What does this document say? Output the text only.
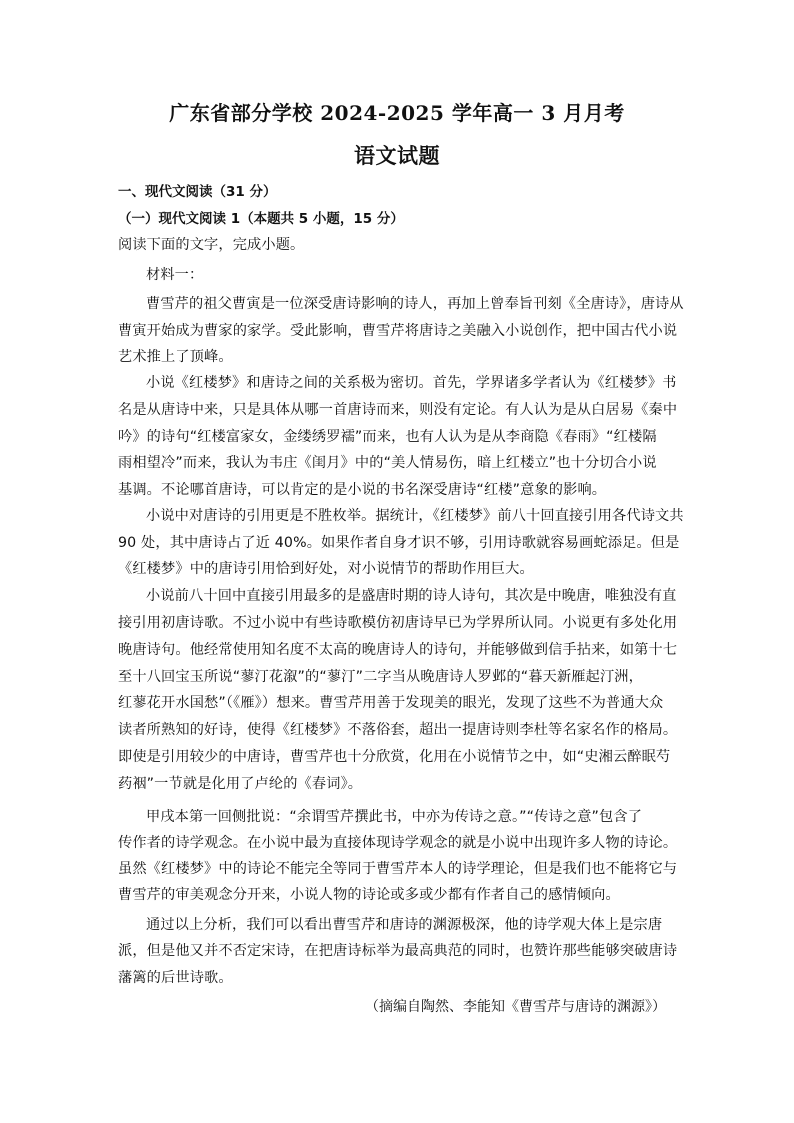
广东省部分学校 2024-2025 学年高一 3 月月考
语文试题
一、现代文阅读（31 分）
（一）现代文阅读 1（本题共 5 小题，15 分）
阅读下面的文字，完成小题。
材料一：
曹雪芹的祖父曹寅是一位深受唐诗影响的诗人，再加上曾奉旨刊刻《全唐诗》，唐诗从
曹寅开始成为曹家的家学。受此影响，曹雪芹将唐诗之美融入小说创作，把中国古代小说
艺术推上了顶峰。
小说《红楼梦》和唐诗之间的关系极为密切。首先，学界诸多学者认为《红楼梦》书
名是从唐诗中来，只是具体从哪一首唐诗而来，则没有定论。有人认为是从白居易《秦中
吟》的诗句“红楼富家女，金缕绣罗襦”而来，也有人认为是从李商隐《春雨》“红楼隔
雨相望冷”而来，我认为韦庄《闺月》中的“美人情易伤，暗上红楼立”也十分切合小说
基调。不论哪首唐诗，可以肯定的是小说的书名深受唐诗“红楼”意象的影响。
小说中对唐诗的引用更是不胜枚举。据统计，《红楼梦》前八十回直接引用各代诗文共
90 处，其中唐诗占了近 40%。如果作者自身才识不够，引用诗歌就容易画蛇添足。但是
《红楼梦》中的唐诗引用恰到好处，对小说情节的帮助作用巨大。
小说前八十回中直接引用最多的是盛唐时期的诗人诗句，其次是中晚唐，唯独没有直
接引用初唐诗歌。不过小说中有些诗歌模仿初唐诗早已为学界所认同。小说更有多处化用
晚唐诗句。他经常使用知名度不太高的晚唐诗人的诗句，并能够做到信手拈来，如第十七
至十八回宝玉所说“蓼汀花溆”的“蓼汀”二字当从晚唐诗人罗邺的“暮天新雁起汀洲，
红蓼花开水国愁”（《雁》）想来。曹雪芹用善于发现美的眼光，发现了这些不为普通大众
读者所熟知的好诗，使得《红楼梦》不落俗套，超出一提唐诗则李杜等名家名作的格局。
即使是引用较少的中唐诗，曹雪芹也十分欣赏，化用在小说情节之中，如“史湘云醉眠芍
药裀”一节就是化用了卢纶的《春词》。
甲戌本第一回侧批说：“余谓雪芹撰此书，中亦为传诗之意。”“传诗之意”包含了
传作者的诗学观念。在小说中最为直接体现诗学观念的就是小说中出现许多人物的诗论。
虽然《红楼梦》中的诗论不能完全等同于曹雪芹本人的诗学理论，但是我们也不能将它与
曹雪芹的审美观念分开来，小说人物的诗论或多或少都有作者自己的感情倾向。
通过以上分析，我们可以看出曹雪芹和唐诗的渊源极深，他的诗学观大体上是宗唐
派，但是他又并不否定宋诗，在把唐诗标举为最高典范的同时，也赞许那些能够突破唐诗
藩篱的后世诗歌。
（摘编自陶然、李能知《曹雪芹与唐诗的渊源》）
